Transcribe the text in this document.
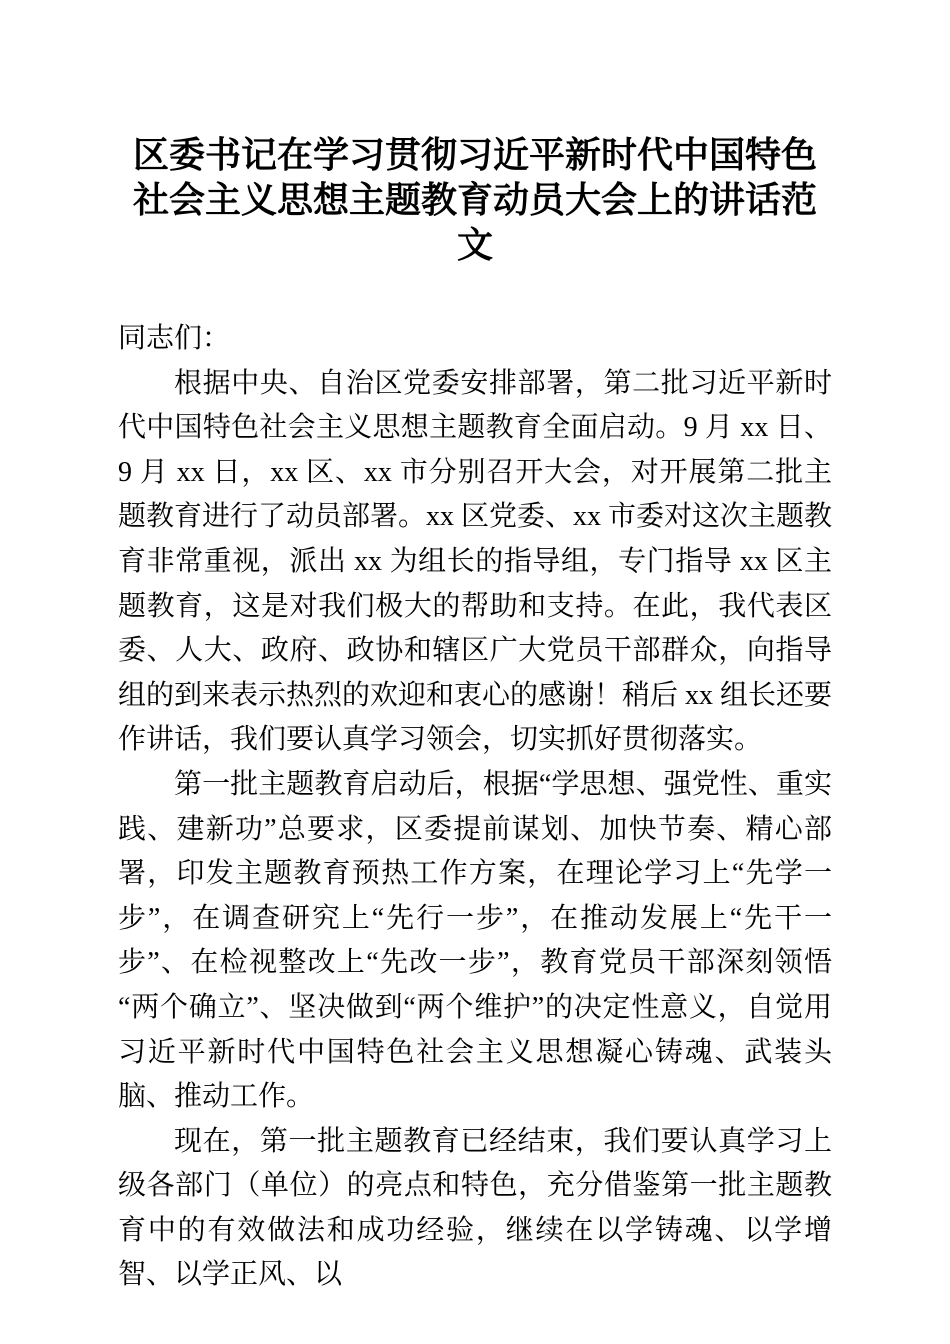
区委书记在学习贯彻习近平新时代中国特色社会主义思想主题教育动员大会上的讲话范文

同志们：

根据中央、自治区党委安排部署，第二批习近平新时代中国特色社会主义思想主题教育全面启动。9 月 xx 日、9 月 xx 日，xx 区、xx 市分别召开大会，对开展第二批主题教育进行了动员部署。xx 区党委、xx 市委对这次主题教育非常重视，派出 xx 为组长的指导组，专门指导 xx 区主题教育，这是对我们极大的帮助和支持。在此，我代表区委、人大、政府、政协和辖区广大党员干部群众，向指导组的到来表示热烈的欢迎和衷心的感谢！稍后 xx 组长还要作讲话，我们要认真学习领会，切实抓好贯彻落实。

第一批主题教育启动后，根据“学思想、强党性、重实践、建新功”总要求，区委提前谋划、加快节奏、精心部署，印发主题教育预热工作方案，在理论学习上“先学一步”，在调查研究上“先行一步”，在推动发展上“先干一步”、在检视整改上“先改一步”，教育党员干部深刻领悟“两个确立”、坚决做到“两个维护”的决定性意义，自觉用习近平新时代中国特色社会主义思想凝心铸魂、武装头脑、推动工作。

现在，第一批主题教育已经结束，我们要认真学习上级各部门（单位）的亮点和特色，充分借鉴第一批主题教育中的有效做法和成功经验，继续在以学铸魂、以学增智、以学正风、以
